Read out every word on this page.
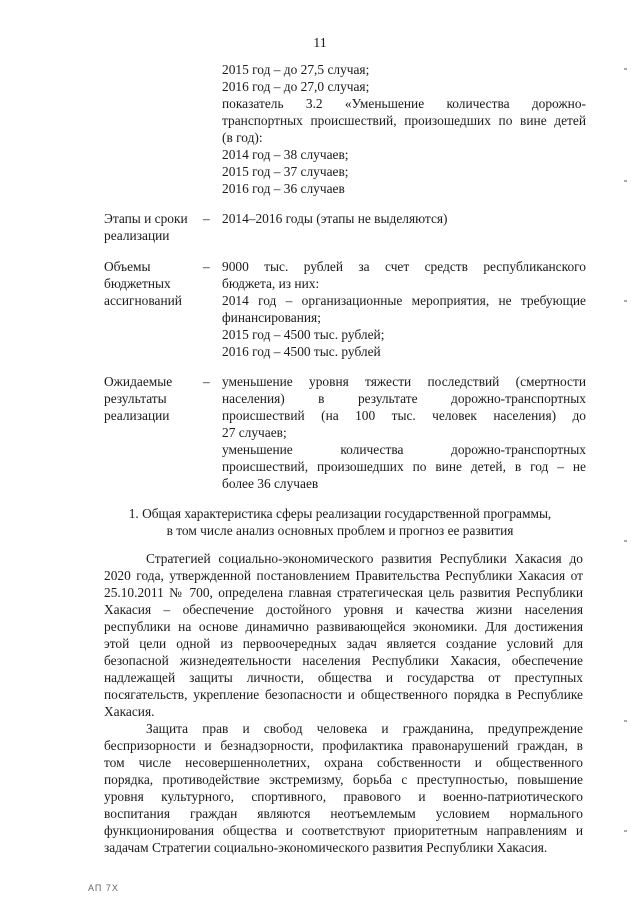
11
2015 год – до 27,5 случая;
2016 год – до 27,0 случая;
показатель 3.2 «Уменьшение количества дорожно-
транспортных происшествий, произошедших по вине детей
(в год):
2014 год – 38 случаев;
2015 год – 37 случаев;
2016 год – 36 случаев
Этапы и сроки
реализации
– 2014–2016 годы (этапы не выделяются)
Объемы
бюджетных
ассигнований
– 9000 тыс. рублей за счет средств республиканского
бюджета, из них:
2014 год – организационные мероприятия, не требующие
финансирования;
2015 год – 4500 тыс. рублей;
2016 год – 4500 тыс. рублей
Ожидаемые
результаты
реализации
– уменьшение уровня тяжести последствий (смертности
населения) в результате дорожно-транспортных
происшествий (на 100 тыс. человек населения) до
27 случаев;
уменьшение количества дорожно-транспортных
происшествий, произошедших по вине детей, в год – не
более 36 случаев
1. Общая характеристика сферы реализации государственной программы,
в том числе анализ основных проблем и прогноз ее развития
Стратегией социально-экономического развития Республики Хакасия до
2020 года, утвержденной постановлением Правительства Республики Хакасия от
25.10.2011 № 700, определена главная стратегическая цель развития Республики
Хакасия – обеспечение достойного уровня и качества жизни населения
республики на основе динамично развивающейся экономики. Для достижения
этой цели одной из первоочередных задач является создание условий для
безопасной жизнедеятельности населения Республики Хакасия, обеспечение
надлежащей защиты личности, общества и государства от преступных
посягательств, укрепление безопасности и общественного порядка в Республике
Хакасия.
Защита прав и свобод человека и гражданина, предупреждение
беспризорности и безнадзорности, профилактика правонарушений граждан, в
том числе несовершеннолетних, охрана собственности и общественного
порядка, противодействие экстремизму, борьба с преступностью, повышение
уровня культурного, спортивного, правового и военно-патриотического
воспитания граждан являются неотъемлемым условием нормального
функционирования общества и соответствуют приоритетным направлениям и
задачам Стратегии социально-экономического развития Республики Хакасия.
АП 7Х
